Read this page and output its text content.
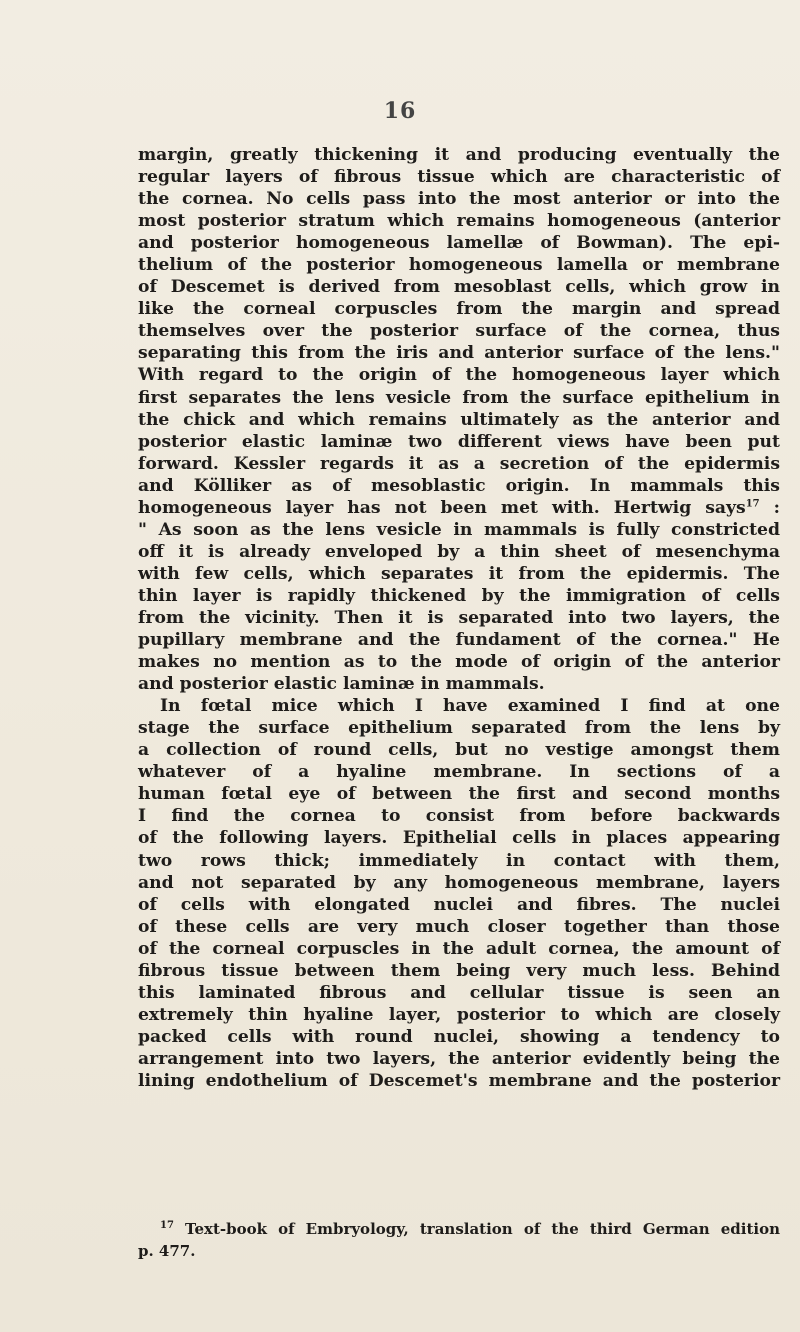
16
margin, greatly thickening it and producing eventually the
regular layers of fibrous tissue which are characteristic of
the cornea. No cells pass into the most anterior or into the
most posterior stratum which remains homogeneous (anterior
and posterior homogeneous lamellæ of Bowman). The epi-
thelium of the posterior homogeneous lamella or membrane
of Descemet is derived from mesoblast cells, which grow in
like the corneal corpuscles from the margin and spread
themselves over the posterior surface of the cornea, thus
separating this from the iris and anterior surface of the lens."
With regard to the origin of the homogeneous layer which
first separates the lens vesicle from the surface epithelium in
the chick and which remains ultimately as the anterior and
posterior elastic laminæ two different views have been put
forward. Kessler regards it as a secretion of the epidermis
and Kölliker as of mesoblastic origin. In mammals this
homogeneous layer has not been met with. Hertwig says$^{17}$ :
" As soon as the lens vesicle in mammals is fully constricted
off it is already enveloped by a thin sheet of mesenchyma
with few cells, which separates it from the epidermis. The
thin layer is rapidly thickened by the immigration of cells
from the vicinity. Then it is separated into two layers, the
pupillary membrane and the fundament of the cornea." He
makes no mention as to the mode of origin of the anterior
and posterior elastic laminæ in mammals.
In fœtal mice which I have examined I find at one
stage the surface epithelium separated from the lens by
a collection of round cells, but no vestige amongst them
whatever of a hyaline membrane. In sections of a
human fœtal eye of between the first and second months
I find the cornea to consist from before backwards
of the following layers. Epithelial cells in places appearing
two rows thick; immediately in contact with them,
and not separated by any homogeneous membrane, layers
of cells with elongated nuclei and fibres. The nuclei
of these cells are very much closer together than those
of the corneal corpuscles in the adult cornea, the amount of
fibrous tissue between them being very much less. Behind
this laminated fibrous and cellular tissue is seen an
extremely thin hyaline layer, posterior to which are closely
packed cells with round nuclei, showing a tendency to
arrangement into two layers, the anterior evidently being the
lining endothelium of Descemet's membrane and the posterior
$^{17}$ Text-book of Embryology, translation of the third German edition
p. 477.
